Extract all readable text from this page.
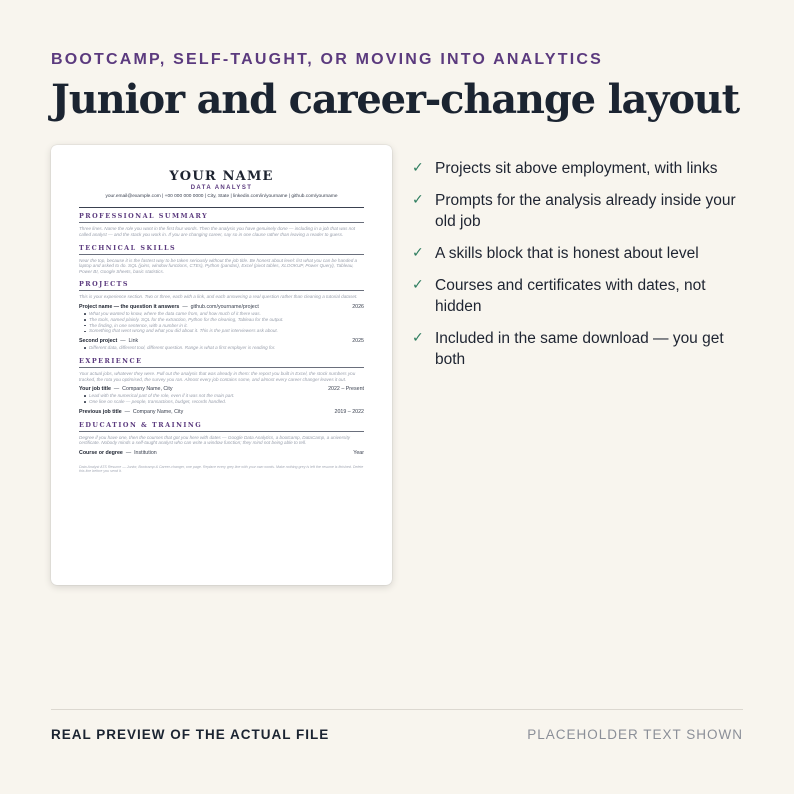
BOOTCAMP, SELF-TAUGHT, OR MOVING INTO ANALYTICS
Junior and career-change layout
YOUR NAME
DATA ANALYST
your.email@example.com | +00 000 000 0000 | City, State | linkedin.com/in/yourname | github.com/yourname
PROFESSIONAL SUMMARY
Three lines. Name the role you want in the first four words. Then the analysis you have genuinely done — including in a job that was not called analyst — and the stack you work in. If you are changing career, say so in one clause rather than leaving a reader to guess.
TECHNICAL SKILLS
Near the top, because it is the fastest way to be taken seriously without the job title. Be honest about level: list what you can be handed a laptop and asked to do. SQL (joins, window functions, CTEs), Python (pandas), Excel (pivot tables, XLOOKUP, Power Query), Tableau, Power BI, Google Sheets, basic statistics.
PROJECTS
This is your experience section. Two or three, each with a link, and each answering a real question rather than cleaning a tutorial dataset.
Project name — the question it answers  —  github.com/yourname/project	2026
What you wanted to know, where the data came from, and how much of it there was.
The tools, named plainly. SQL for the extraction, Python for the cleaning, Tableau for the output.
The finding, in one sentence, with a number in it.
Something that went wrong and what you did about it. This is the part interviewers ask about.
Second project  —  Link	2025
Different data, different tool, different question. Range is what a first employer is reading for.
EXPERIENCE
Your actual jobs, whatever they were. Pull out the analysis that was already in them: the report you built in Excel, the stock numbers you tracked, the rota you optimised, the survey you ran. Almost every job contains some, and almost every career changer leaves it out.
Your job title  —  Company Name, City	2022 – Present
Lead with the numerical part of the role, even if it was not the main part.
One line on scale — people, transactions, budget, records handled.
Previous job title  —  Company Name, City	2019 – 2022
EDUCATION & TRAINING
Degree if you have one, then the courses that got you here with dates — Google Data Analytics, a bootcamp, DataCamp, a university certificate. Nobody minds a self-taught analyst who can write a window function; they mind not being able to tell.
Course or degree  —  Institution	Year
Data Analyst ATS Resume — Junior, Bootcamp & Career-changer, one page. Replace every grey line with your own words. Make nothing grey is left the resume is finished. Delete this line before you send it.
✓ Projects sit above employment, with links
✓ Prompts for the analysis already inside your old job
✓ A skills block that is honest about level
✓ Courses and certificates with dates, not hidden
✓ Included in the same download — you get both
REAL PREVIEW OF THE ACTUAL FILE	PLACEHOLDER TEXT SHOWN
